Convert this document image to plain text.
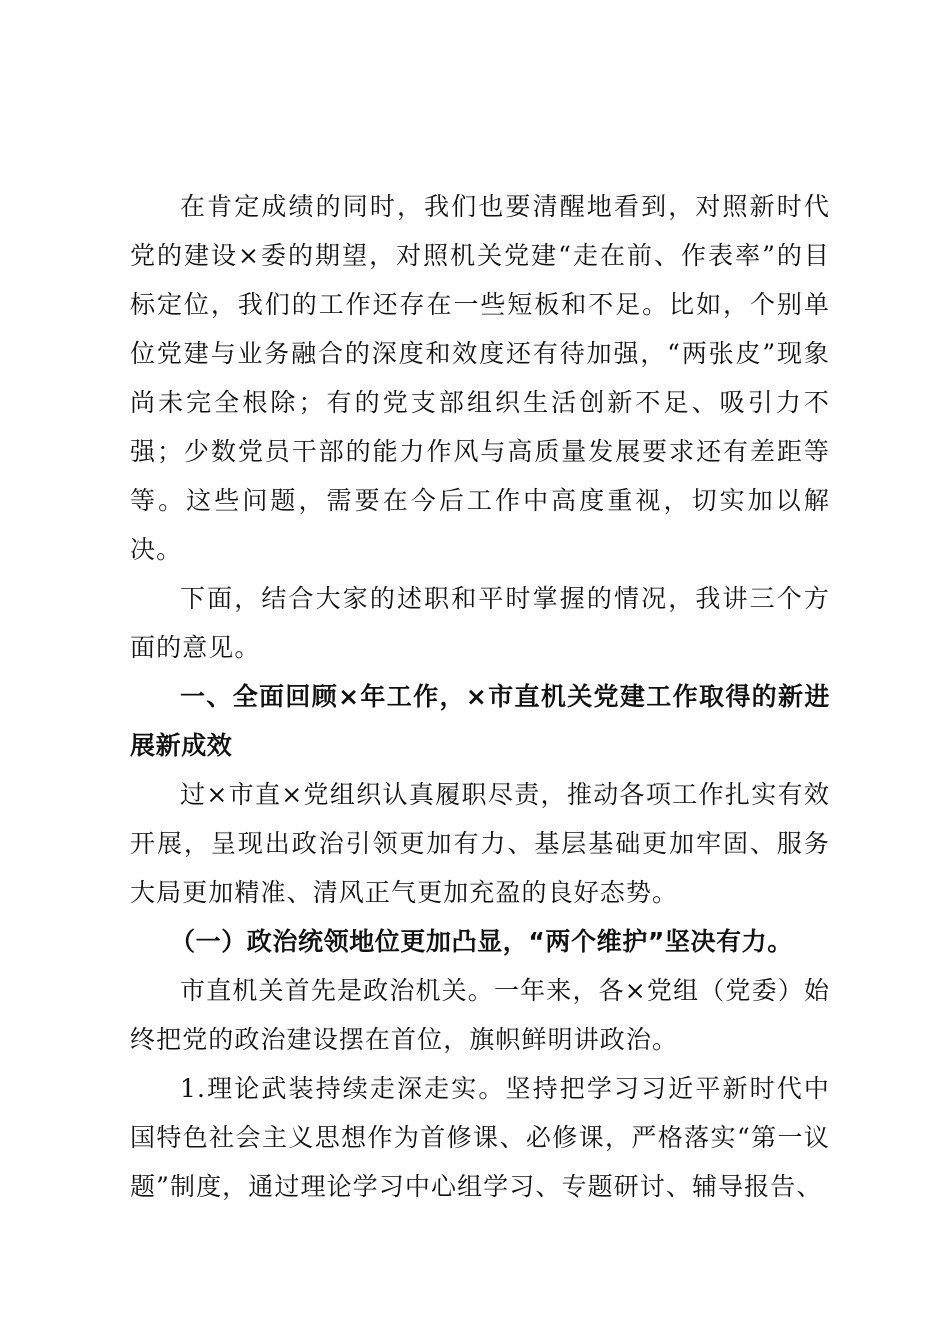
在肯定成绩的同时，我们也要清醒地看到，对照新时代党的建设×委的期望，对照机关党建“走在前、作表率”的目标定位，我们的工作还存在一些短板和不足。比如，个别单位党建与业务融合的深度和效度还有待加强，“两张皮”现象尚未完全根除；有的党支部组织生活创新不足、吸引力不强；少数党员干部的能力作风与高质量发展要求还有差距等等。这些问题，需要在今后工作中高度重视，切实加以解决。

下面，结合大家的述职和平时掌握的情况，我讲三个方面的意见。

一、全面回顾×年工作，×市直机关党建工作取得的新进展新成效

过×市直×党组织认真履职尽责，推动各项工作扎实有效开展，呈现出政治引领更加有力、基层基础更加牢固、服务大局更加精准、清风正气更加充盈的良好态势。

（一）政治统领地位更加凸显，“两个维护”坚决有力。

市直机关首先是政治机关。一年来，各×党组（党委）始终把党的政治建设摆在首位，旗帜鲜明讲政治。

1.理论武装持续走深走实。坚持把学习习近平新时代中国特色社会主义思想作为首修课、必修课，严格落实“第一议题”制度，通过理论学习中心组学习、专题研讨、辅导报告、
